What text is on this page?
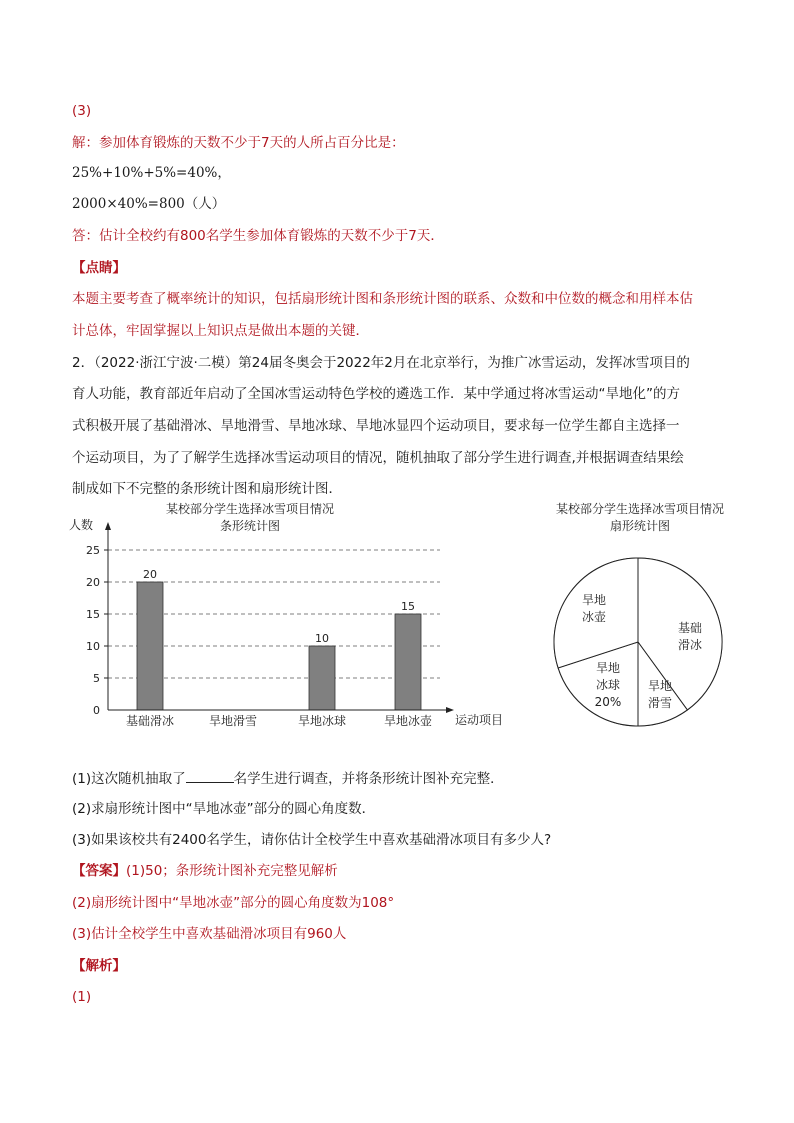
(3)
解：参加体育锻炼的天数不少于7天的人所占百分比是：
25%+10%+5%=40%，
2000×40%=800（人）
答：估计全校约有800名学生参加体育锻炼的天数不少于7天．
【点睛】
本题主要考查了概率统计的知识，包括扇形统计图和条形统计图的联系、众数和中位数的概念和用样本估
计总体，牢固掌握以上知识点是做出本题的关键．
2．（2022·浙江宁波·二模）第24届冬奥会于2022年2月在北京举行，为推广冰雪运动，发挥冰雪项目的
育人功能，教育部近年启动了全国冰雪运动特色学校的遴选工作．某中学通过将冰雪运动“旱地化”的方
式积极开展了基础滑冰、旱地滑雪、旱地冰球、旱地冰显四个运动项目，要求每一位学生都自主选择一
个运动项目，为了了解学生选择冰雪运动项目的情况，随机抽取了部分学生进行调查,并根据调查结果绘
制成如下不完整的条形统计图和扇形统计图．
某校部分学生选择冰雪项目情况
条形统计图
人数
运动项目
0
5
10
15
20
25
20
基础滑冰	旱地滑雪
10
旱地冰球
15
旱地冰壶
某校部分学生选择冰雪项目情况
扇形统计图
基础
滑冰
旱地
滑雪
旱地
冰球
20%
旱地
冰壶
(1)这次随机抽取了	名学生进行调查，并将条形统计图补充完整．
(2)求扇形统计图中“旱地冰壶”部分的圆心角度数．
(3)如果该校共有2400名学生，请你估计全校学生中喜欢基础滑冰项目有多少人?
【答案】(1)50；条形统计图补充完整见解析
(2)扇形统计图中“旱地冰壶”部分的圆心角度数为108°
(3)估计全校学生中喜欢基础滑冰项目有960人
【解析】
(1)
